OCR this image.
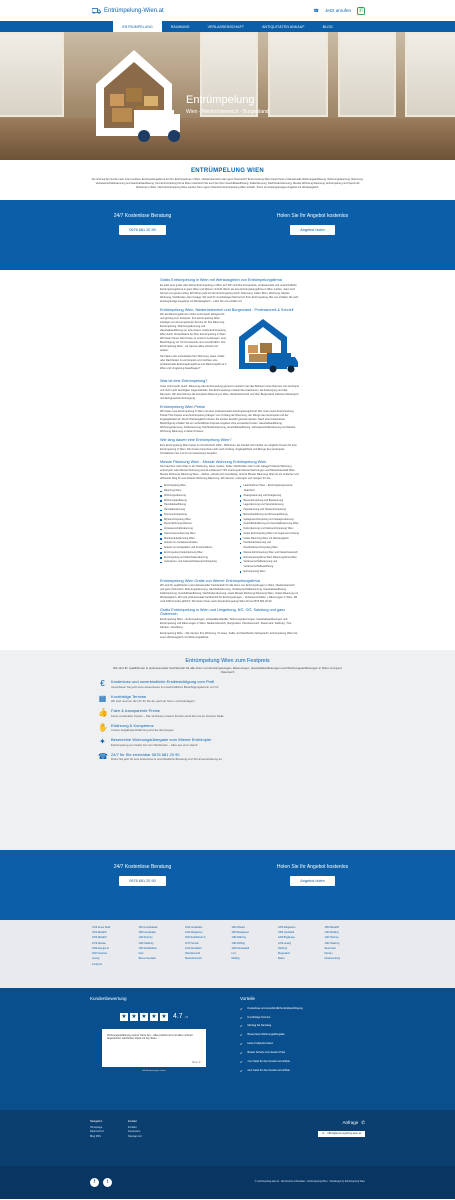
Entrümpelung-Wien.at	☎ Jetzt anrufen	✆
ENTRÜMPELUNG	RÄUMUNG	VERLASSENSCHAFT	ANTIQUITÄTEN ANKAUF	BLOG
Entrümpelung
Wien - Niederösterreich - Burgenland
ENTRÜMPELUNG WIEN

Sie sind auf der Suche nach einer seriösen Entrümpelungsfirma für Ihre Entrümpelung in Wien, Niederösterreich oder ganz Österreich? Entrümpelung Wien bietet Ihnen professionelle Wohnungsauflösung, Wohnungsräumung, Räumung, Verlassenschaftsräumung und Haushaltsauflösung. Ihre Entrümpelung Firma Wien unterstützt Sie auch bei Ihrer Geschäftsauflösung, Kellerräumung, Dachbodenräumung, Messie Wohnung Räumung, Entrümpelung und Sperrmüll Abholung in Wien. Nach Entrümpelung Wien suchen Sie in ganz Österreich Entrümpelung Wien einfach. Ihrem ein kostengünstiges Angebot mit Wertausgleich.

24/7 Kostenlose Beratung
0676 681 20 90
Holen Sie Ihr Angebot kostenlos
Angebot holen
Gratis Entrümpelung in Wien mit Wertausgleich von Entrümpelungsfirma

Es steht eine große oder kleine Entrümpelung in Wien an? Wir sind Ihre kompetente, professionelle und unverbindliche Entrümpelungsfirma in ganz Wien und Wiener Umfeld. Wenn sie eine Entrümpelungsfirma in Wien suchen, dann sind Sie bei uns genau richtig. Wir führen jede Art der Entrümpelung durch. Räumung, Keller, Büro, Wohnung, Messie Wohnung, Dachboden oder Garage. Wir sind Ihr zuverlässiger Partner bei Ihrer Entrümpelung. Bei uns erhalten Sie sehr kostengünstige Angebote mit Wertausgleich – rufen Sie uns einfach an!

Entrümpelung Wien, Niederösterreich und Burgenland - Professionell & Schnell

Wir als Räumungsfirma in Wien entrümpeln fachgerecht und günstig zum Festpreis. Ihre Entrümpelung Wien erledigen wir als kompetenter Service für Ihre Räumung, Entrümpelung, Wohnungsräumung und Haushaltsauflösung vor einer Hand. Gratis Entrümpelung Wien durch Verwertbares bei Ihrer Entrümpelung in Wien. Wir bieten Ihnen faire Preise zu unseren Leistungen, eine Besichtigung vor Ort ist kostenlos und unverbindlich. Ihre Entrümpelung Wien - wir räumen alles schnell und sauber.

Sie haben sich entschieden Ihre Wohnung, Haus, Keller, oder Dachboden zu entrümpeln und möchten eine professionelle Entrümpelungsfirma und Räumungsfirma in Wien und Umgebung beauftragen?

Was ist eine Entrümpelung?

Unter entrümpeln (auch: Räumung oder Entrümpelung genannt) versteht man das Befreien eines Raumes von Gerümpel und nicht mehr benötigten Gegenständen. Die Entrümpelung umfasst das Ausräumen, die Entsorgung und das Recyceln. Wir übernehmen die komplette Räumung in Wien, Niederösterreich und dem Burgenland inklusive Abtransport und fachgerechter Entsorgung.

Entrümpelung Wien Preise

Wir bieten eine Entrümpelung in Wien mit einer professionellen Entrümpelungsfirma! Wer sind unsere Entrümpelung Preise? Die Kosten einer Entrümpelung hängen vom Umfang der Räumung, der Menge des Gerümpels und der Zugänglichkeit ab. Durch Wertausgleich können die Kosten deutlich gesenkt werden. Nach einer kostenlosen Besichtigung erhalten Sie ein verbindliches Fixpreis-Angebot ohne versteckte Kosten. Haushaltsauflösung, Wohnungsräumung, Kellerräumung, Dachbodenräumung, Geschäftsauflösung, Verlassenschaftsräumung und Messie Wohnung Räumung zu fairen Preisen.

Wie lang dauert eine Entrümpelung Wien?

Eine Entrümpelung Wien kostet im Durchschnitt 1000 - 2500 Euro. Es handelt sich hierbei um mögliche Kosten für eine Entrümpelung in Wien. Die Kosten berechnen sich nach Umfang, Zugänglichkeit und Menge des Gerümpels. Kontaktieren Sie uns für ein kostenloses Angebot.

Messie Räumung Wien - Messie Wohnung Entrümpelung Wien

Sie brauchen mehr Platz in der Wohnung, Haus, Garten, Keller, Dachboden oder in der Garage? Messie Wohnung entrümpeln oder Messie Wohnung einmal aufräumen? Wir entrümpeln Messie Wohnungen und Messiehaushalt Wien. Messie Wohnung Räumung Wien – diskret, schnell und zuverlässig. Unsere Messie Räumung Wien ist ein einfacher und effizienter Weg für eine Messie Wohnung Räumung. Wir räumen, entsorgen und reinigen für Sie.

Entrümpelung Wien
Räumung Wien
Wohnungsräumung
Wohnungsauflösung
Haushaltsauflösung
Haushaltsräumung
Firmenentrümpelung
Büroentrümpelung Wien
Messi Wohnung Räumen
Verlassenschaftsräumung
Garconnierenräumung Wien
Kleinbetriebsräumung Wien
Ankauf von Verlassenschaften
Ankauf von Antiquitäten und Kunstschätzen
Entrümpelung Kellerräumung Wien
Entrümpelung und Dachbodenräumung
Lieferanten- und Gebrauchtwarenentrümpelung
Ladenbühnen Wien – Entrümpelungsinserat Jüdenfeld
Zwangsräumung und Delogierung
Bauentrümpelung und Bauräumung
Lagerräumung und Vereinsräumung
Hausräumung und Hausentrümpelung
Betriebsauflösung und Firmenauflösung
Garagenentrümpelung und Garagenräumung
Geschäftsauflösung und Geschäftsräumung Wien
Kellerräumung und Kellerentrümpelung Wien
Gratis Entrümpelung Wien mit Gegenverrechnung
Gratis Räumung Wien mit Wertausgleich
Dachbodenräumung und Dachbodenentrümpelung Wien
Messie Entrümpelung Wien und Niederösterreich
Entrümpelungsfirma Wien Räumungsfirma Wien
Verlassenschaftsräumung und Verlassenschaftsauflösung
Entrümpelung Wien
Entrümpelung Wien Gratis von Wiener Entrümpelungsfirma

Wir sind Ihr qualifizierter und professioneller Fachbetrieb für alle Arten von Entrümpelungen in Wien, Niederösterreich und ganz Österreich. Wohnungsräumung, Haushaltsräumung, Verlassenschaftsräumung, Haushaltsauflösung, Kellerräumung, Geschäftsauflösung, Dachbodenräumung, sowie Messie Wohnung Räumung Wien. Gratis Räumung mit Wertausgleich. Wir sind professionelle Fachbetrieb für Entrümpelungen – Verlassenschaften + Räumungen in Wien. Mit rund 1000 Kunden jährlich. Wir bieten Ihnen auch das Entrümpelung Wien Firma 0676 681 20 90.

Gratis Entrümpelung in Wien und Umgebung, NÖ, OÖ, Salzburg und ganz Österreich

Entrümpelung Wien – Entrümpelungen, Antiquitätenhändler, Wohnungsräumungen, Haushaltsauflösungen und Entrümpelung und Räumungen in Wien, Niederösterreich, Burgenland, Oberösterreich, Steiermark, Salzburg, Tirol, Kärnten, Vorarlberg.

Entrümpelung Wien – Wir räumen Ihre Wohnung, Ihr Haus, Keller und Dachboden fachgerecht. Entrümpelung Wien hat einen Wertausgleich mit Wohnungsablöse.

Entrümpelung Wien zum Festpreis

Wir sind Ihr qualifizierter & professioneller Fachbetrieb für alle Arten von Entrümpelungen, Räumungen, Haushaltsauflösungen und Wohnungsauflösungen in Wien und ganz Österreich

€	Kostenlose und unverbindliche Erstbesichtigung vom Profi
Vereinbaren Sie jetzt einen kostenlosen & unverbindlichen Besichtigungstermin vor Ort
▦ Kurzfristige Termine
Wir sind rund um die Uhr für Sie da, auch an Sonn- und Feiertagen!
👍 Faire & transparente Preise
Keine versteckten Kosten – Das Vertrauen unserer Kunden steht bei uns an oberster Stelle
✋ Erfahrung & Kompetenz
Unsere langjährige Erfahrung wird Sie überzeugen
✦ Besenreine Wohnungsübergabe vom Wiener Entrümpler
Entrümpelung vom Keller bis zum Dachboden – Alles aus einer Hand!
☎ 24/7 für Sie erreichbar 0676 681 20 90
Rufen Sie jetzt für eine kostenlose & unverbindliche Beratung und Terminvereinbarung an
24/7 Kostenlose Beratung
0676 681 20 90
Holen Sie Ihr Angebot kostenlos
Angebot holen
1010 Innere Stadt
1020 Mariahilf
1060 Mariahilf
1070 Neubau
1090 Alsergrund
1100 Favoriten
Liesing
Innsbruck
1010 Leopoldstadt
1030 Landstraße
1140 Penzing
1160 Ottakring
1150 Rudolfsheim
Graz
Wiener Neustadt
1030 Landstraße
1040 Margareten
1150 Rudolfsheim-F.
1170 Hernals
1210 Floridsdorf
Oberösterreich
Niederösterreich
1040 Wieden
1050 Margareten
1180 Währing
1190 Döbling
1220 Donaustadt
Linz
Mödling
1050 Margareten
1080 Josefstadt
1200 Brigittenau
1230 Liesing
Salzburg
Burgenland
Baden
1060 Mariahilf
1120 Meidling
1130 Hietzing
1160 Ottakring
Steiermark
Kärnten
Klosterneuburg
Kundenbewertung
★ ★ ★ ★ ★ 4.7 / 5
Wohnungsauflösung meiner Tante bei – Alles perfekt und mit allem schnell abgewickelt. Herzlichen Dank mit top Team ...
Dieter R.
alle Bewertungen sehen
Vorteile
✔ Kostenlose und unverbindliche Erstbesichtigung
✔ Kurzfristige Termine
✔ Montag bis Samstag
✔ Besenreine Wohnungsübergabe
✔ keine Fixkpreis kosten
✔ Bester Service zum besten Preis
✔ zum Seite für den Kunden erreichbar
✔ eine Seite für den Kunden erreichbar
Navigation
Homepage
Datenschutz
Blog RSS
Kontakt
Kontakt
Impressum
Sitemap.xml
Anfrage ✆
✉ office@entrumpelung-wien.at
f	t	© entrümpelung-wien.at · Alle Rechte vorbehalten · Entrümpelung Wien · Webdesign by Entrümpelung Wien
